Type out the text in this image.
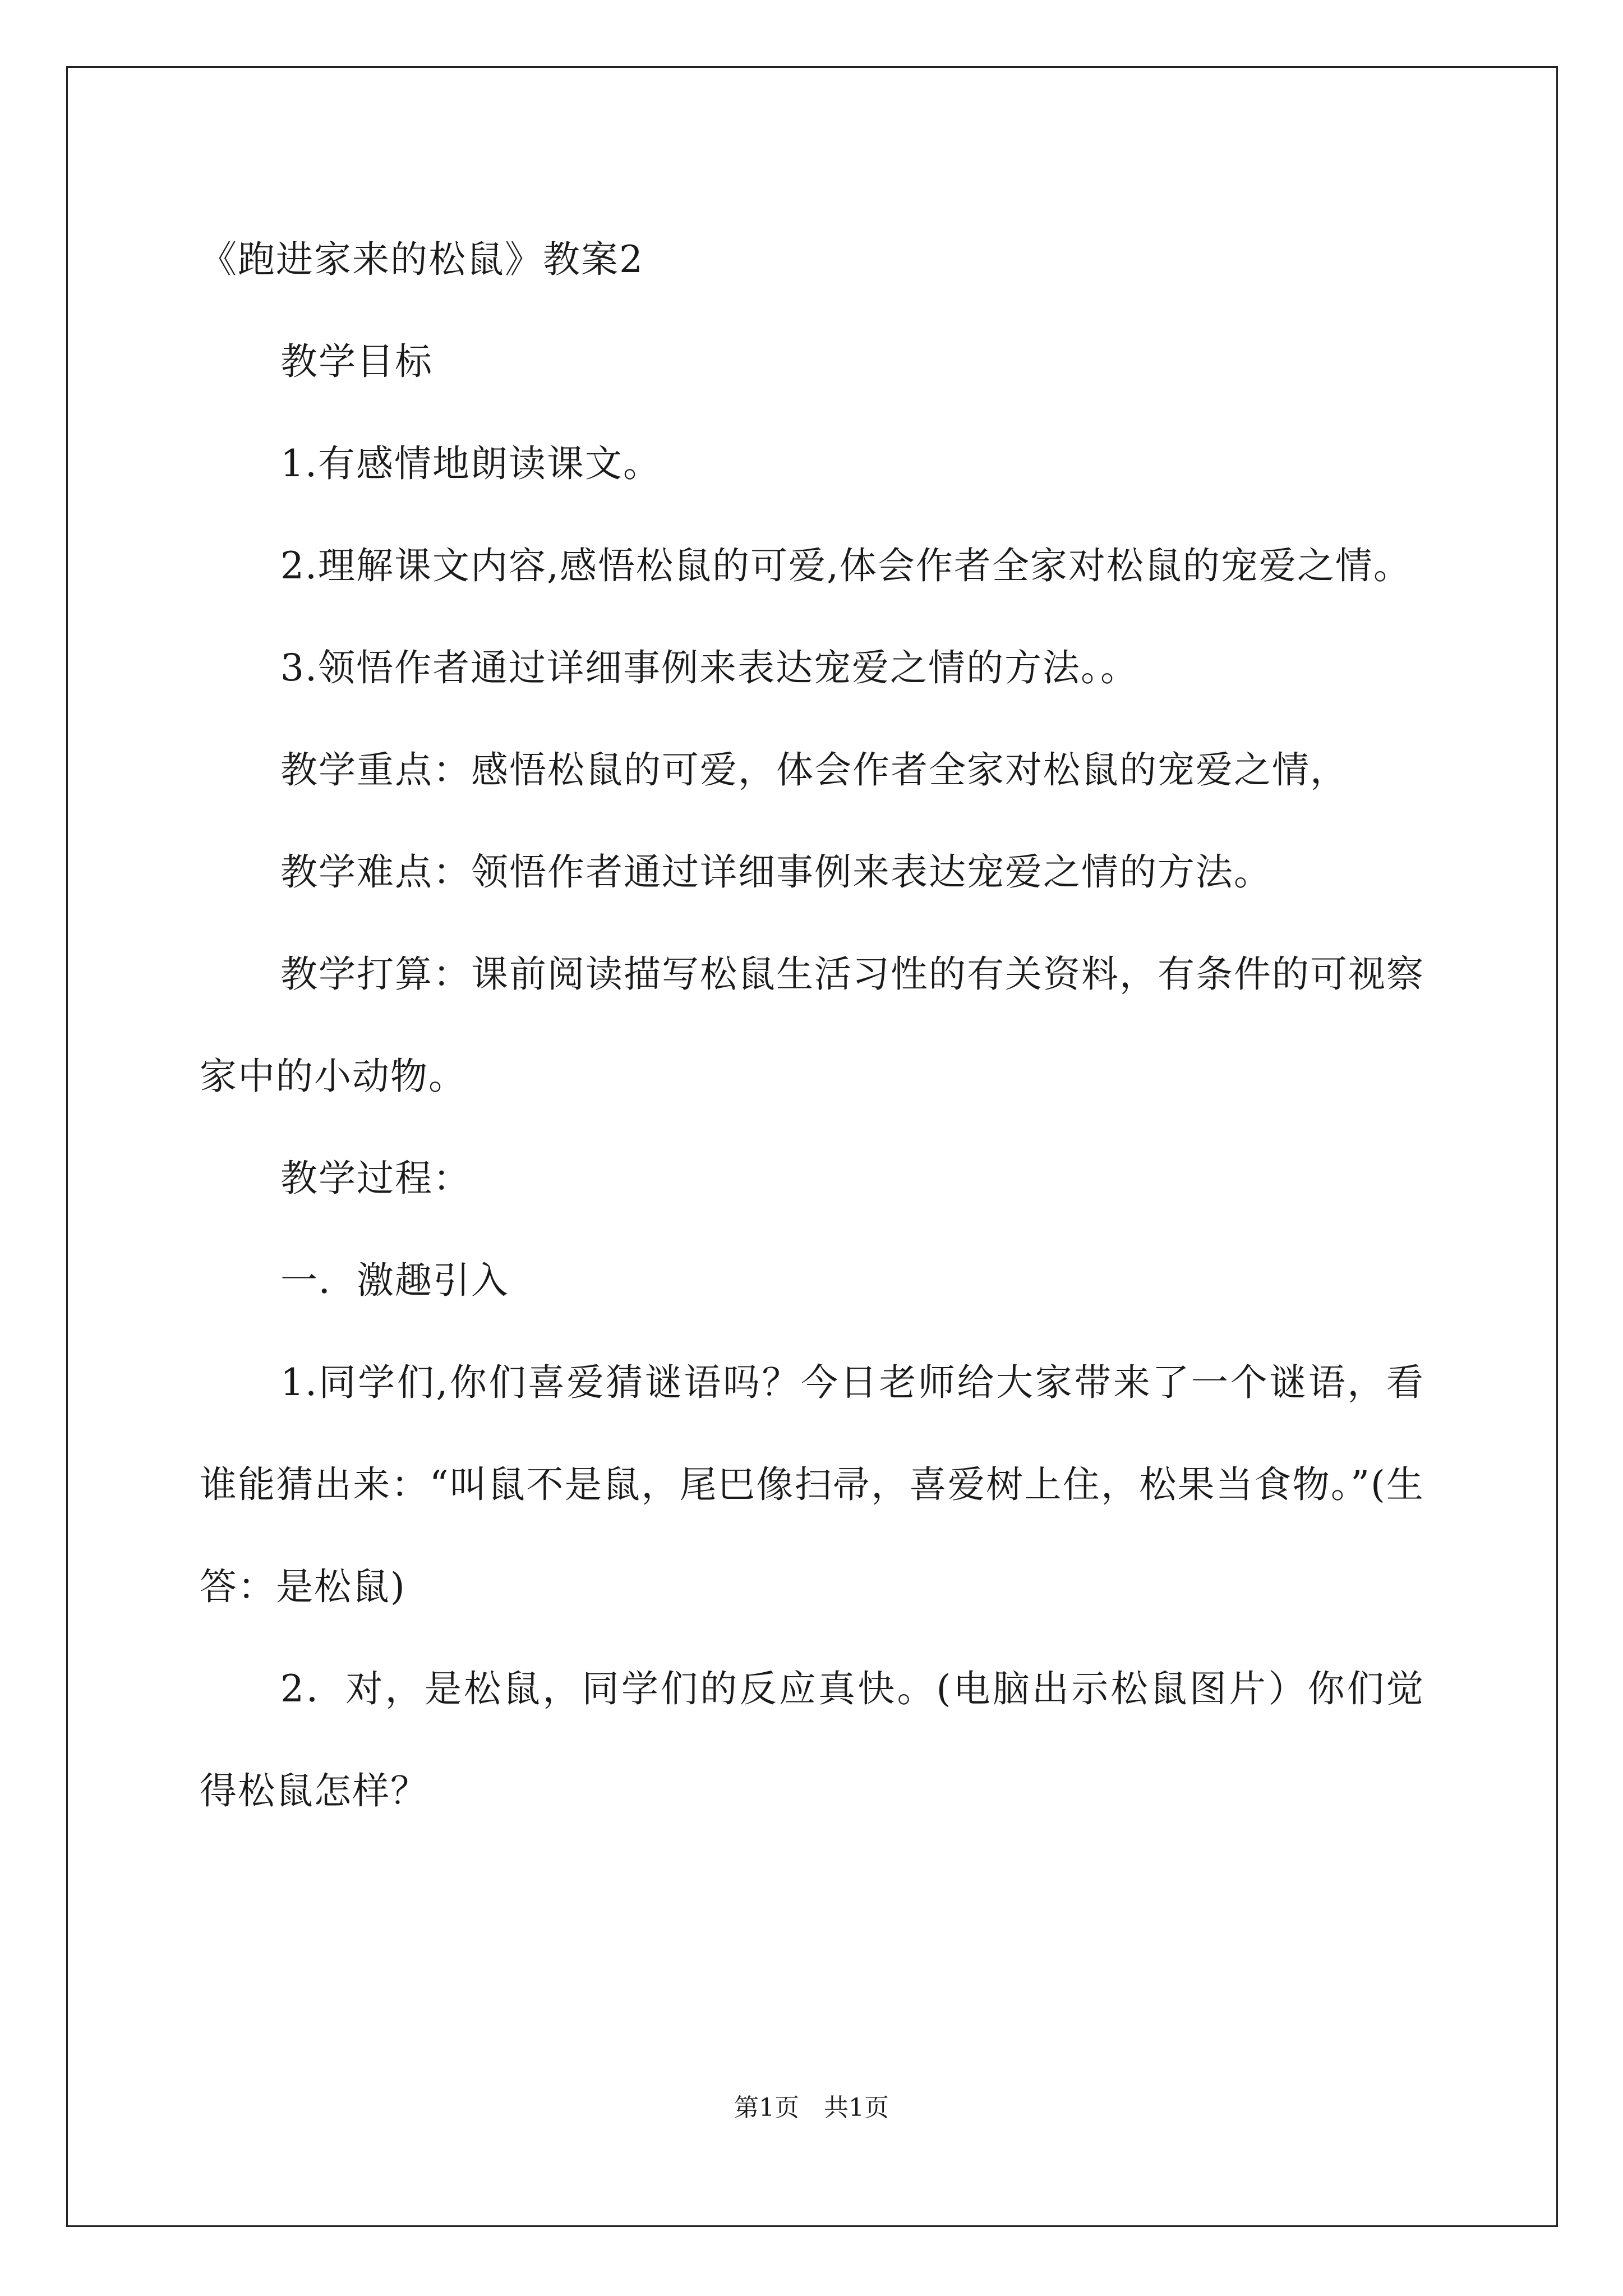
《跑进家来的松鼠》教案2

教学目标

1.有感情地朗读课文。

2.理解课文内容,感悟松鼠的可爱,体会作者全家对松鼠的宠爱之情。

3.领悟作者通过详细事例来表达宠爱之情的方法。。

教学重点：感悟松鼠的可爱，体会作者全家对松鼠的宠爱之情，

教学难点：领悟作者通过详细事例来表达宠爱之情的方法。

教学打算：课前阅读描写松鼠生活习性的有关资料，有条件的可视察家中的小动物。

教学过程：

一．激趣引入

1.同学们,你们喜爱猜谜语吗？今日老师给大家带来了一个谜语，看谁能猜出来：“叫鼠不是鼠，尾巴像扫帚，喜爱树上住，松果当食物。”(生答：是松鼠)

2．对，是松鼠，同学们的反应真快。(电脑出示松鼠图片）你们觉得松鼠怎样？

第1页　共1页
